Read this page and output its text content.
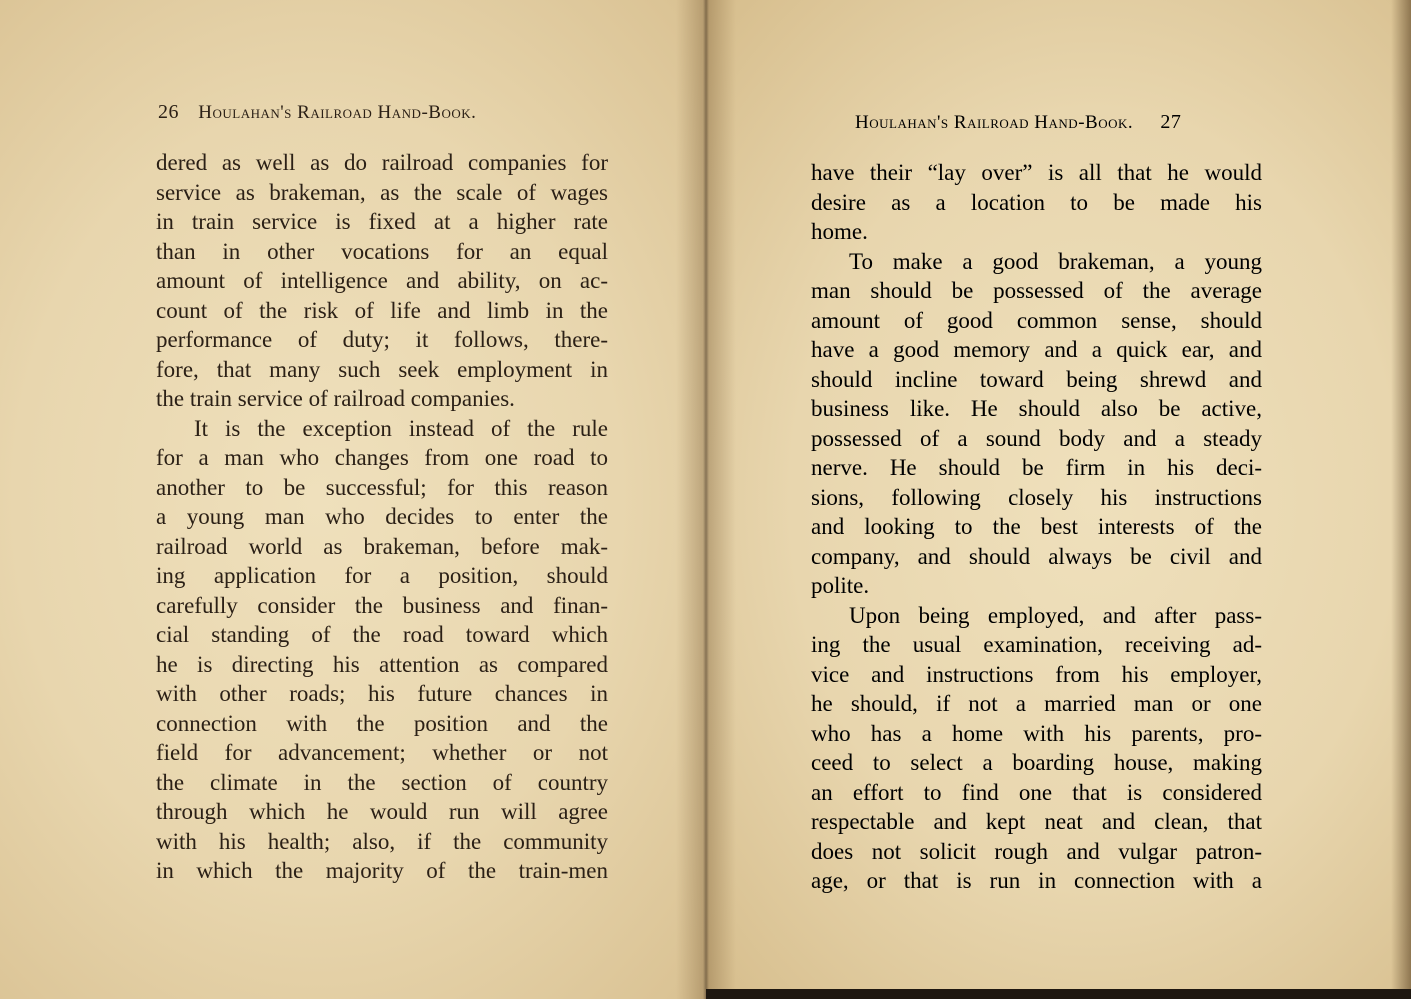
26 Houlahan's Railroad Hand-Book.
dered as well as do railroad companies for
service as brakeman, as the scale of wages
in train service is fixed at a higher rate
than in other vocations for an equal
amount of intelligence and ability, on ac-
count of the risk of life and limb in the
performance of duty; it follows, there-
fore, that many such seek employment in
the train service of railroad companies.
It is the exception instead of the rule
for a man who changes from one road to
another to be successful; for this reason
a young man who decides to enter the
railroad world as brakeman, before mak-
ing application for a position, should
carefully consider the business and finan-
cial standing of the road toward which
he is directing his attention as compared
with other roads; his future chances in
connection with the position and the
field for advancement; whether or not
the climate in the section of country
through which he would run will agree
with his health; also, if the community
in which the majority of the train-men
Houlahan's Railroad Hand-Book. 27
have their “lay over” is all that he would
desire as a location to be made his
home.
To make a good brakeman, a young
man should be possessed of the average
amount of good common sense, should
have a good memory and a quick ear, and
should incline toward being shrewd and
business like. He should also be active,
possessed of a sound body and a steady
nerve. He should be firm in his deci-
sions, following closely his instructions
and looking to the best interests of the
company, and should always be civil and
polite.
Upon being employed, and after pass-
ing the usual examination, receiving ad-
vice and instructions from his employer,
he should, if not a married man or one
who has a home with his parents, pro-
ceed to select a boarding house, making
an effort to find one that is considered
respectable and kept neat and clean, that
does not solicit rough and vulgar patron-
age, or that is run in connection with a
